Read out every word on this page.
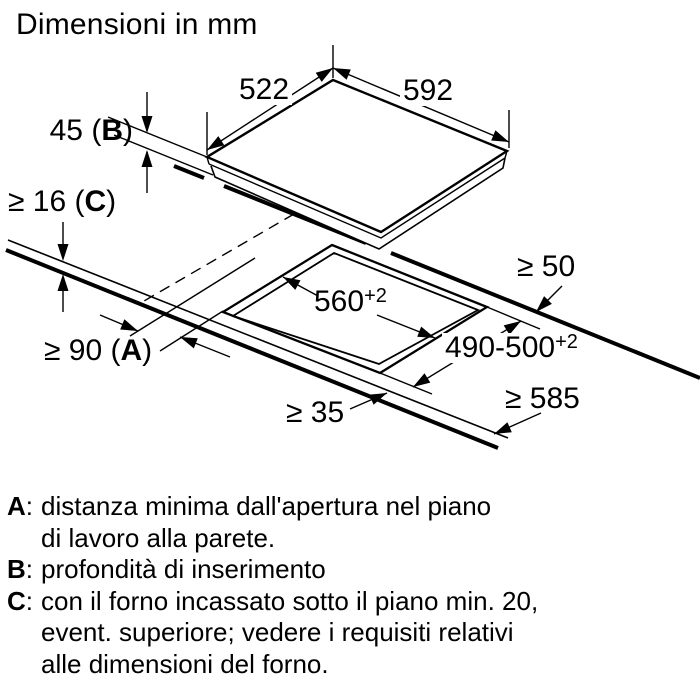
Dimensioni in mm
522	592
45 (B)
≥ 16 (C)
≥ 90 (A)
≥ 50
$560^{+2}$
$490-500^{+2}$
≥ 585
≥ 35
A: distanza minima dall'apertura nel piano
di lavoro alla parete.
B: profondità di inserimento
C: con il forno incassato sotto il piano min. 20,
event. superiore; vedere i requisiti relativi
alle dimensioni del forno.
